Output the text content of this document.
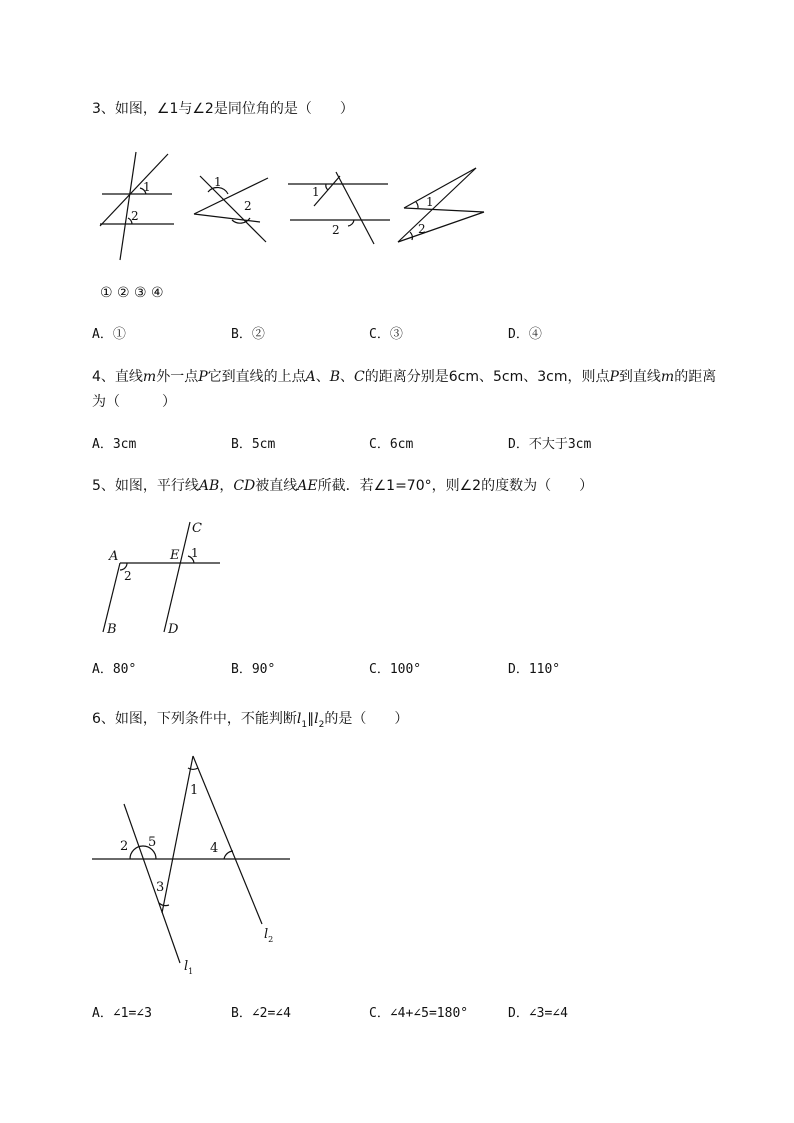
3、如图，∠1与∠2是同位角的是（　　）
1
2
1
2
1
2
1
2
① ② ③ ④
A．①	B．②	C．③	D．④
4、直线m外一点P它到直线的上点A、B、C的距离分别是6cm、5cm、3cm，则点P到直线m的距离
为（　　　）
A．3cm	B．5cm	C．6cm	D．不大于3cm
5、如图，平行线AB，CD被直线AE所截．若∠1=70°，则∠2的度数为（　　）
A
B
C
D
E 1
2
A．80°	B．90°	C．100°	D．110°
6、如图，下列条件中，不能判断$l_1\parallel l_2$的是（　　）
1
2 5	4
3
$l_2$
$l_1$
A．∠1=∠3	B．∠2=∠4	C．∠4+∠5=180°	D．∠3=∠4
